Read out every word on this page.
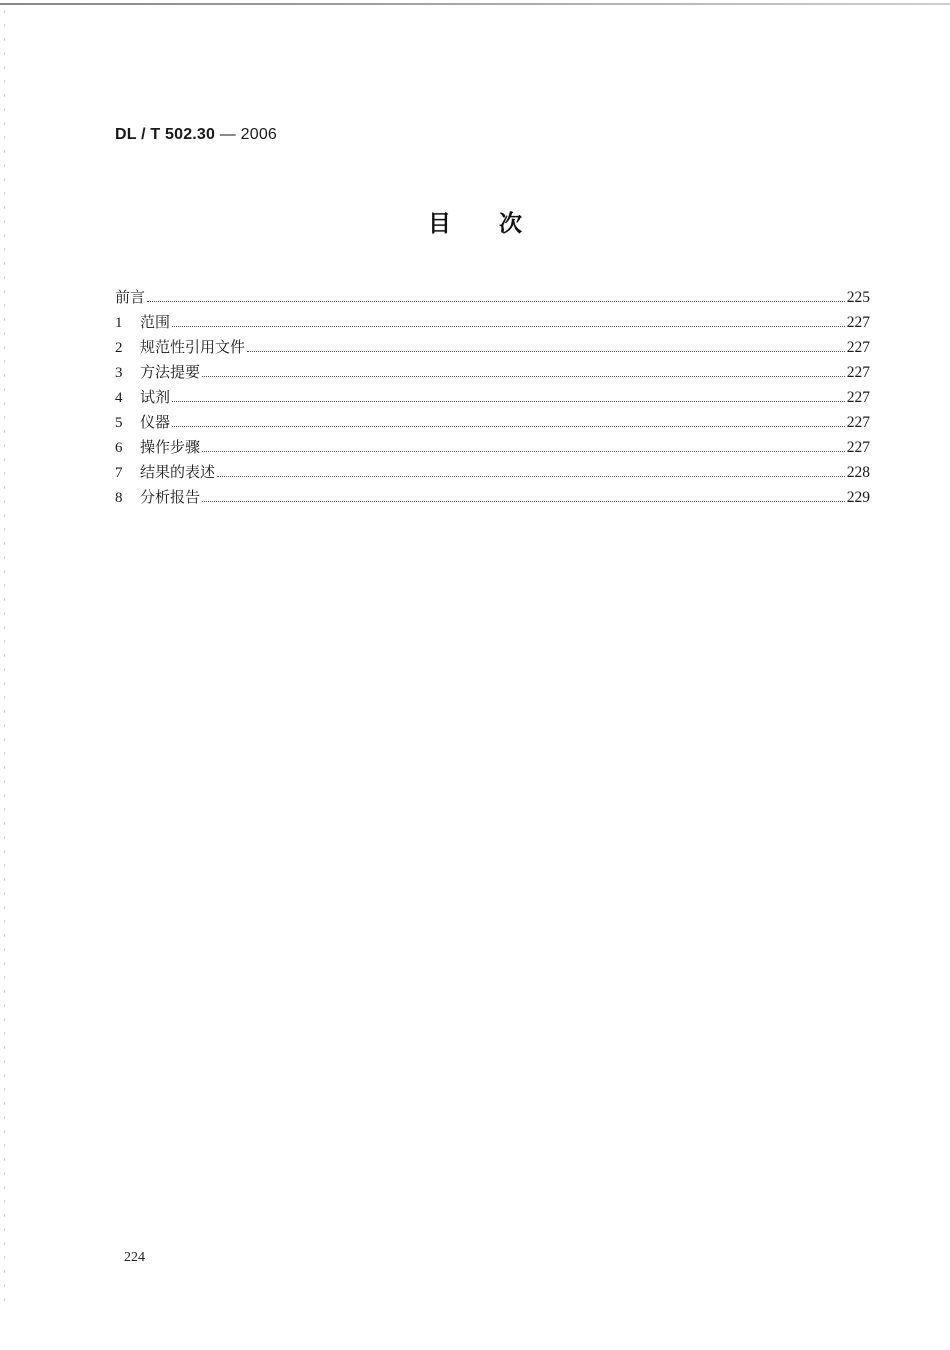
DL / T 502.30 — 2006
目次
前言	225
1	范围	227
2	规范性引用文件	227
3	方法提要	227
4	试剂	227
5	仪器	227
6	操作步骤	227
7	结果的表述	228
8	分析报告	229
224
